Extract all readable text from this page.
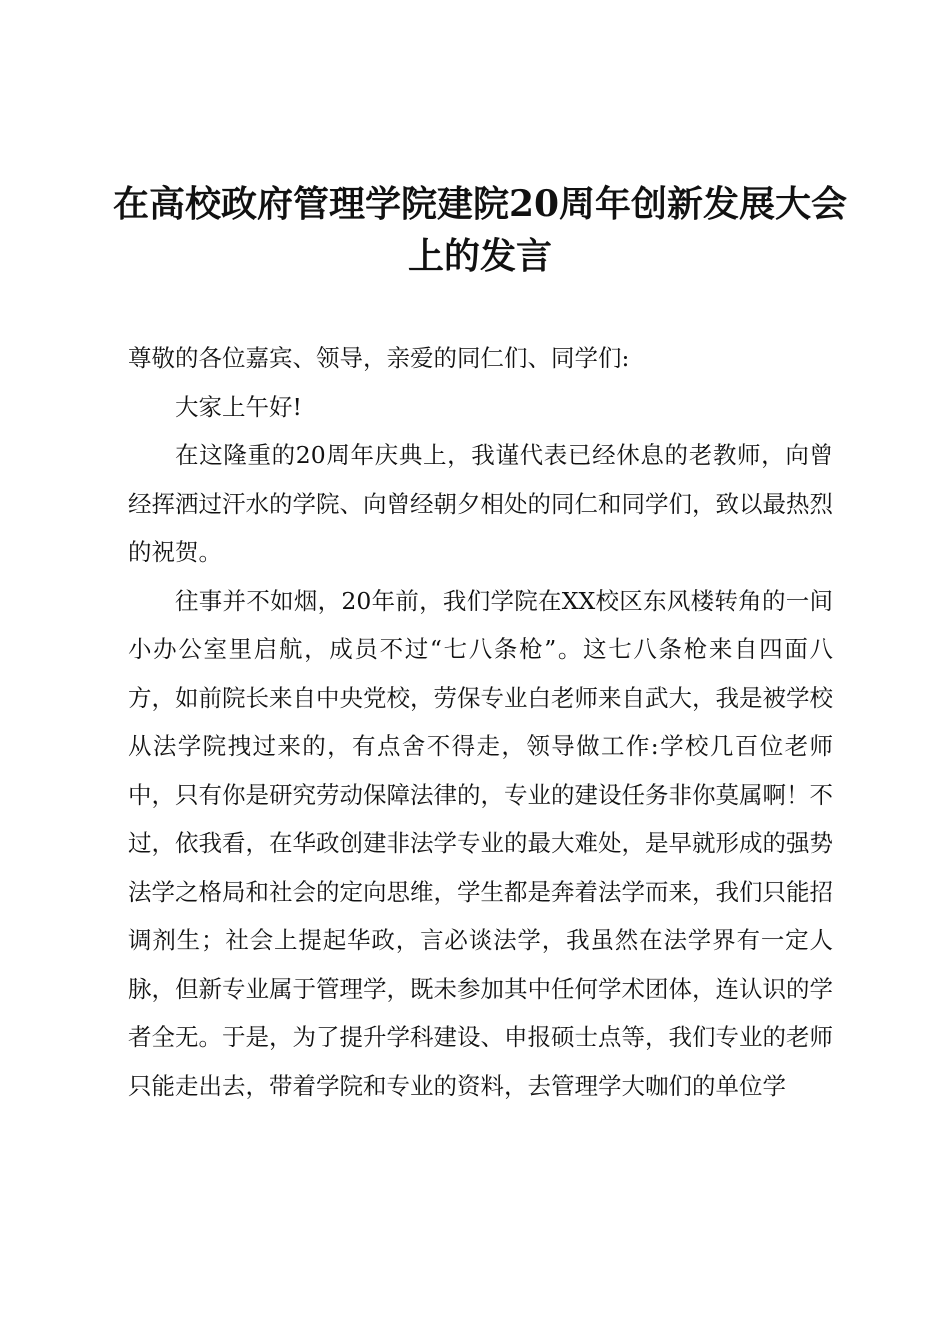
在高校政府管理学院建院20周年创新发展大会上的发言

尊敬的各位嘉宾、领导，亲爱的同仁们、同学们:

大家上午好!

在这隆重的20周年庆典上，我谨代表已经休息的老教师，向曾经挥洒过汗水的学院、向曾经朝夕相处的同仁和同学们，致以最热烈的祝贺。

往事并不如烟，20年前，我们学院在XX校区东风楼转角的一间小办公室里启航，成员不过“七八条枪”。这七八条枪来自四面八方，如前院长来自中央党校，劳保专业白老师来自武大，我是被学校从法学院拽过来的，有点舍不得走，领导做工作:学校几百位老师中，只有你是研究劳动保障法律的，专业的建设任务非你莫属啊！不过，依我看，在华政创建非法学专业的最大难处，是早就形成的强势法学之格局和社会的定向思维，学生都是奔着法学而来，我们只能招调剂生；社会上提起华政，言必谈法学，我虽然在法学界有一定人脉，但新专业属于管理学，既未参加其中任何学术团体，连认识的学者全无。于是，为了提升学科建设、申报硕士点等，我们专业的老师只能走出去，带着学院和专业的资料，去管理学大咖们的单位学
